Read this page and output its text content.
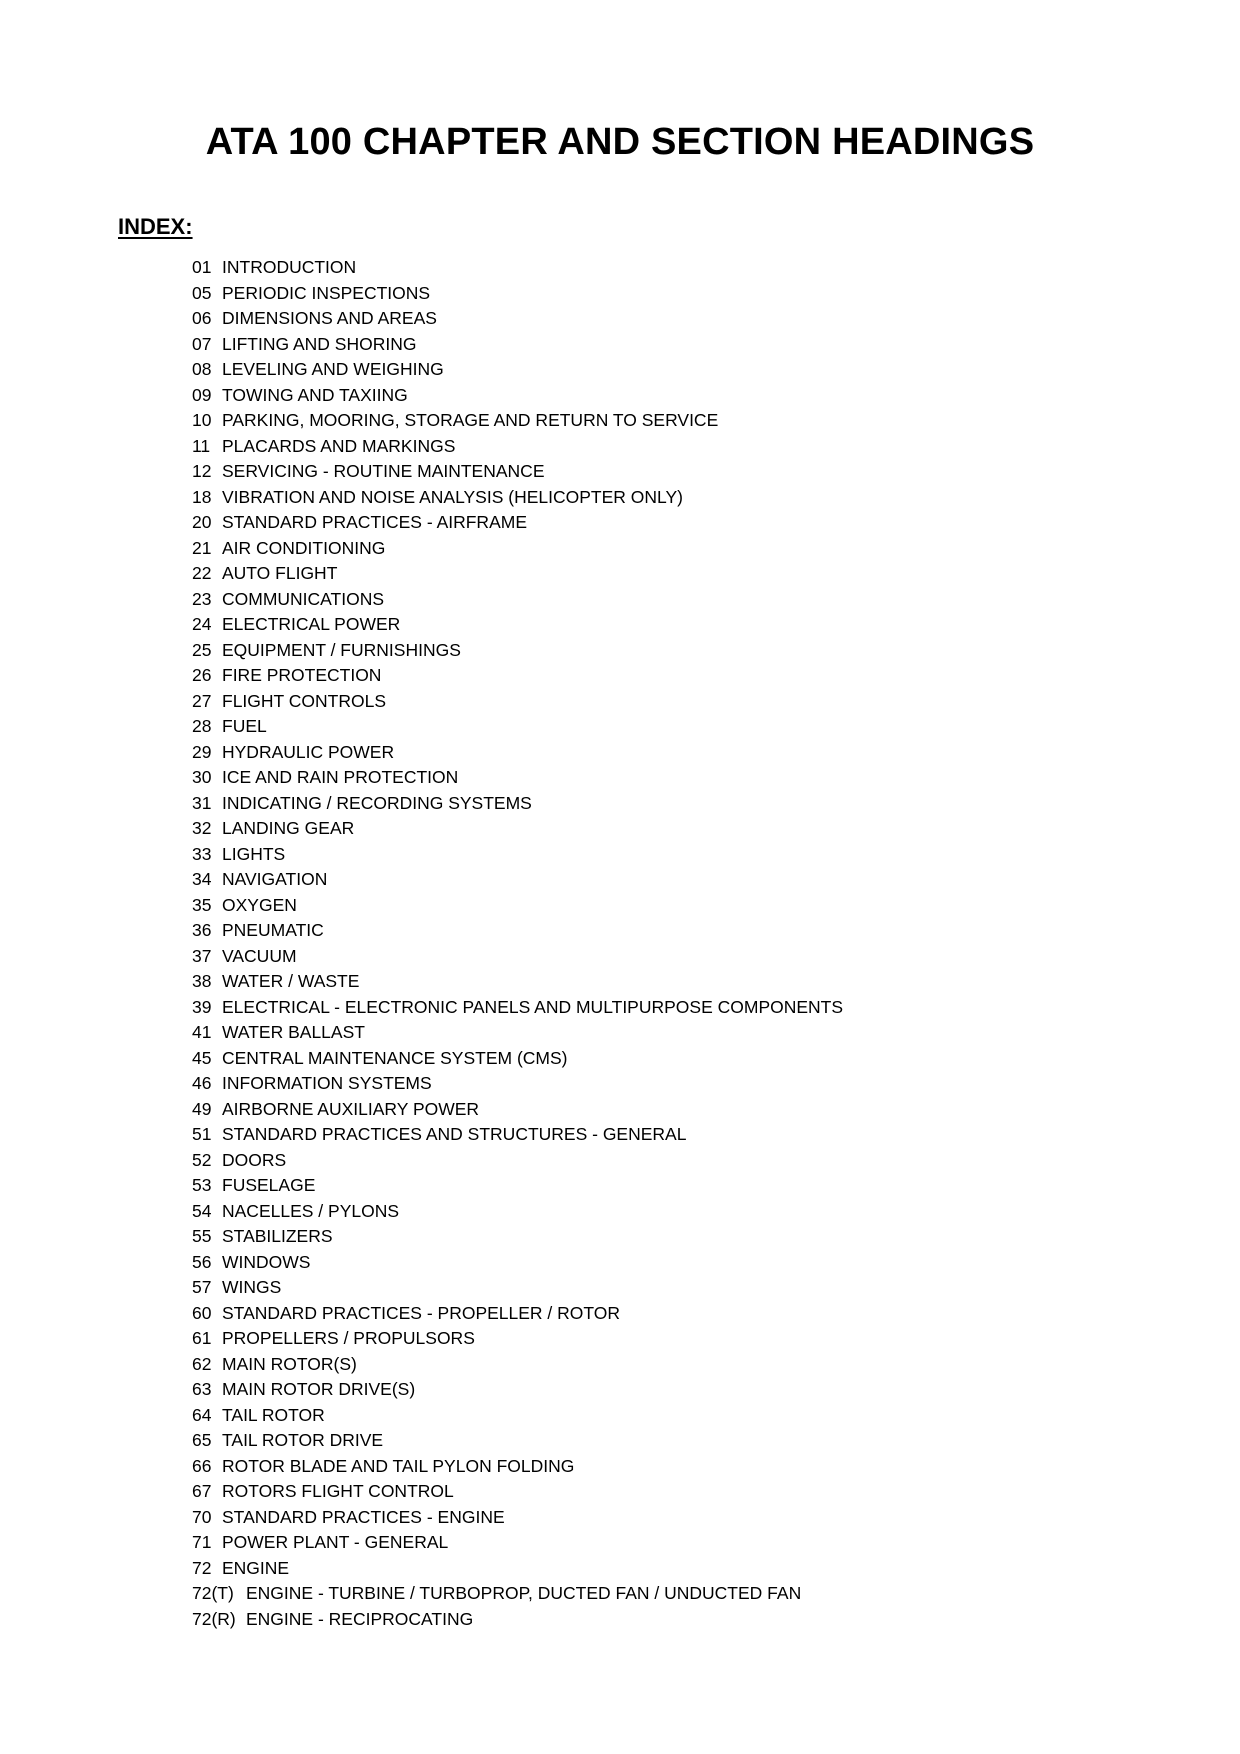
ATA 100 CHAPTER AND SECTION HEADINGS

INDEX:

01 INTRODUCTION
05 PERIODIC INSPECTIONS
06 DIMENSIONS AND AREAS
07 LIFTING AND SHORING
08 LEVELING AND WEIGHING
09 TOWING AND TAXIING
10 PARKING, MOORING, STORAGE AND RETURN TO SERVICE
11 PLACARDS AND MARKINGS
12 SERVICING - ROUTINE MAINTENANCE
18 VIBRATION AND NOISE ANALYSIS (HELICOPTER ONLY)
20 STANDARD PRACTICES - AIRFRAME
21 AIR CONDITIONING
22 AUTO FLIGHT
23 COMMUNICATIONS
24 ELECTRICAL POWER
25 EQUIPMENT / FURNISHINGS
26 FIRE PROTECTION
27 FLIGHT CONTROLS
28 FUEL
29 HYDRAULIC POWER
30 ICE AND RAIN PROTECTION
31 INDICATING / RECORDING SYSTEMS
32 LANDING GEAR
33 LIGHTS
34 NAVIGATION
35 OXYGEN
36 PNEUMATIC
37 VACUUM
38 WATER / WASTE
39 ELECTRICAL - ELECTRONIC PANELS AND MULTIPURPOSE COMPONENTS
41 WATER BALLAST
45 CENTRAL MAINTENANCE SYSTEM (CMS)
46 INFORMATION SYSTEMS
49 AIRBORNE AUXILIARY POWER
51 STANDARD PRACTICES AND STRUCTURES - GENERAL
52 DOORS
53 FUSELAGE
54 NACELLES / PYLONS
55 STABILIZERS
56 WINDOWS
57 WINGS
60 STANDARD PRACTICES - PROPELLER / ROTOR
61 PROPELLERS / PROPULSORS
62 MAIN ROTOR(S)
63 MAIN ROTOR DRIVE(S)
64 TAIL ROTOR
65 TAIL ROTOR DRIVE
66 ROTOR BLADE AND TAIL PYLON FOLDING
67 ROTORS FLIGHT CONTROL
70 STANDARD PRACTICES - ENGINE
71 POWER PLANT - GENERAL
72 ENGINE
72(T) ENGINE - TURBINE / TURBOPROP, DUCTED FAN / UNDUCTED FAN
72(R) ENGINE - RECIPROCATING
